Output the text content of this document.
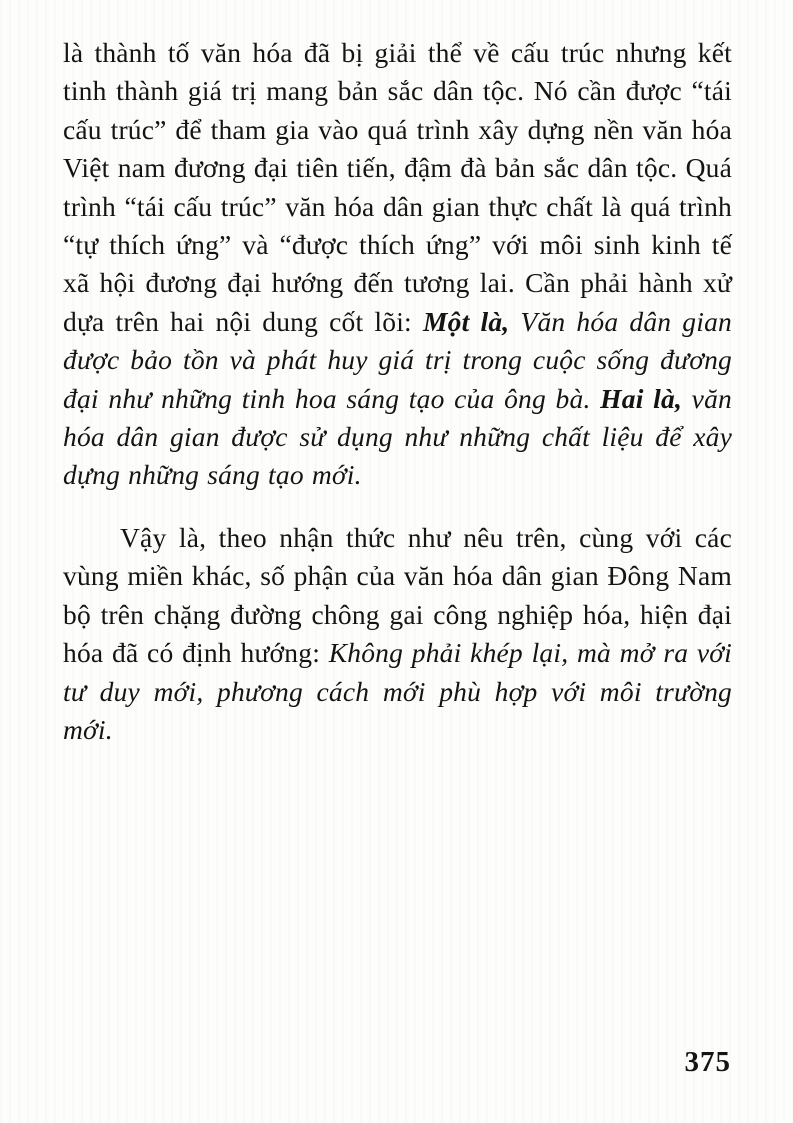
là thành tố văn hóa đã bị giải thể về cấu trúc nhưng kết tinh thành giá trị mang bản sắc dân tộc. Nó cần được “tái cấu trúc” để tham gia vào quá trình xây dựng nền văn hóa Việt nam đương đại tiên tiến, đậm đà bản sắc dân tộc. Quá trình “tái cấu trúc” văn hóa dân gian thực chất là quá trình “tự thích ứng” và “được thích ứng” với môi sinh kinh tế xã hội đương đại hướng đến tương lai. Cần phải hành xử dựa trên hai nội dung cốt lõi: Một là, Văn hóa dân gian được bảo tồn và phát huy giá trị trong cuộc sống đương đại như những tinh hoa sáng tạo của ông bà. Hai là, văn hóa dân gian được sử dụng như những chất liệu để xây dựng những sáng tạo mới.

Vậy là, theo nhận thức như nêu trên, cùng với các vùng miền khác, số phận của văn hóa dân gian Đông Nam bộ trên chặng đường chông gai công nghiệp hóa, hiện đại hóa đã có định hướng: Không phải khép lại, mà mở ra với tư duy mới, phương cách mới phù hợp với môi trường mới.

375
